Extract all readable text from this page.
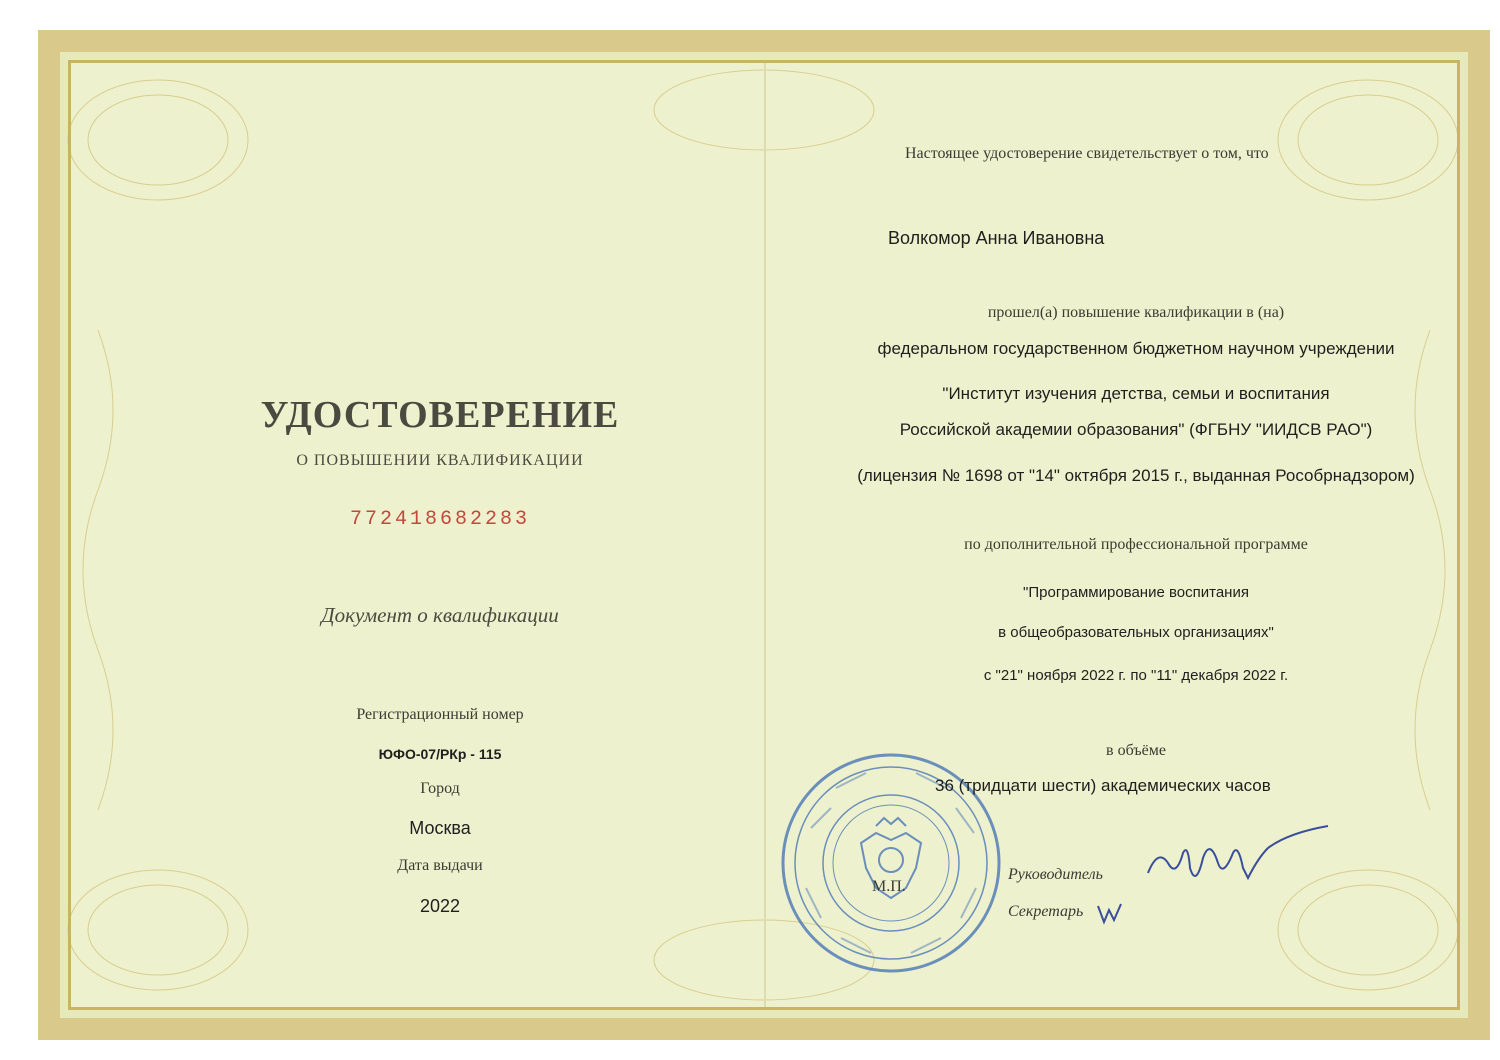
УДОСТОВЕРЕНИЕ
О ПОВЫШЕНИИ КВАЛИФИКАЦИИ
772418682283
Документ о квалификации
Регистрационный номер
ЮФО-07/РКр - 115
Город
Москва
Дата выдачи
2022
Настоящее удостоверение свидетельствует о том, что
Волкомор Анна Ивановна
прошел(а) повышение квалификации в (на)
федеральном государственном бюджетном научном учреждении
"Институт изучения детства, семьи и воспитания
Российской академии образования" (ФГБНУ "ИИДСВ РАО")
(лицензия № 1698 от "14" октября 2015 г., выданная Рособрнадзором)
по дополнительной профессиональной программе
"Программирование воспитания
в общеобразовательных организациях"
с "21" ноября 2022 г. по "11" декабря 2022 г.
в объёме
М.П.
36 (тридцати шести) академических часов
Руководитель
Секретарь
